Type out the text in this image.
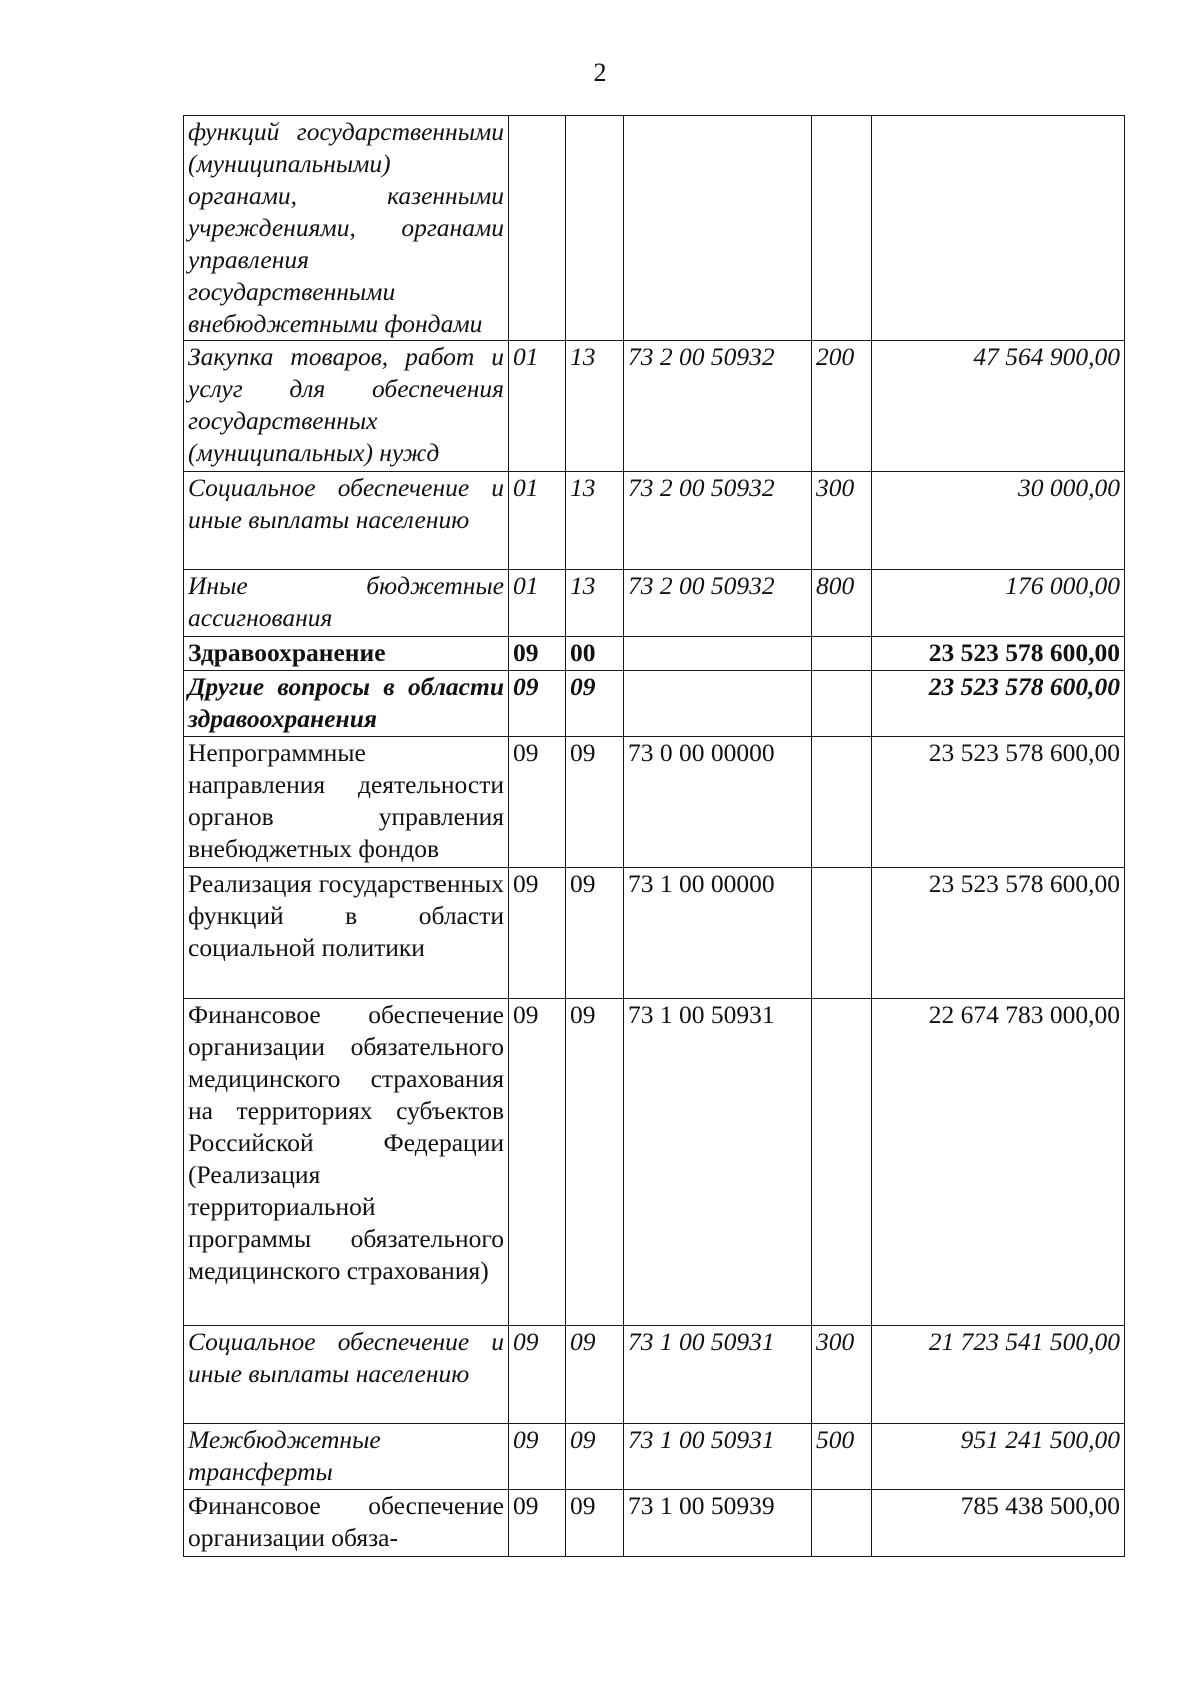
2
функций государственными (муниципальными) органами, казенными учреждениями, органами управления государственными внебюджетными фондами					
Закупка товаров, работ и услуг для обеспечения государственных (муниципальных) нужд	01	13	73 2 00 50932	200	47 564 900,00
Социальное обеспечение и иные выплаты населению	01	13	73 2 00 50932	300	30 000,00
Иные бюджетные ассигнования	01	13	73 2 00 50932	800	176 000,00
Здравоохранение	09	00			23 523 578 600,00
Другие вопросы в области здравоохранения	09	09			23 523 578 600,00
Непрограммные направления деятельности органов управления внебюджетных фондов	09	09	73 0 00 00000		23 523 578 600,00
Реализация государственных функций в области социальной политики	09	09	73 1 00 00000		23 523 578 600,00
Финансовое обеспечение организации обязательного медицинского страхования на территориях субъектов Российской Федерации (Реализация территориальной программы обязательного медицинского страхования)	09	09	73 1 00 50931		22 674 783 000,00
Социальное обеспечение и иные выплаты населению	09	09	73 1 00 50931	300	21 723 541 500,00
Межбюджетные трансферты	09	09	73 1 00 50931	500	951 241 500,00
Финансовое обеспечение организации обяза-	09	09	73 1 00 50939		785 438 500,00
